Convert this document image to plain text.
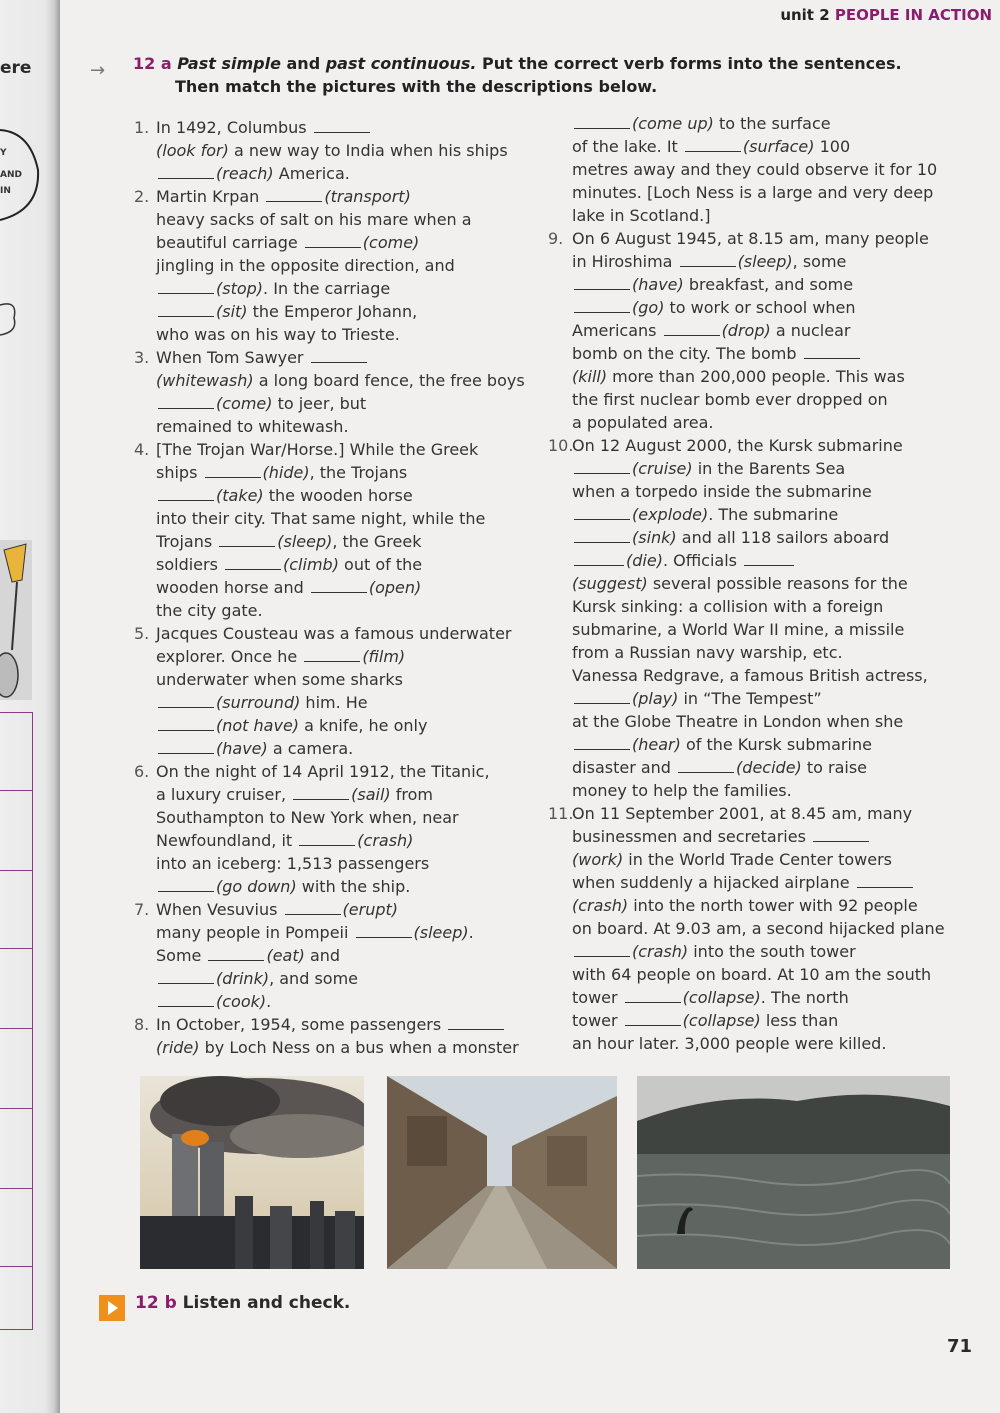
ere
Y
AND
IN
unit 2 PEOPLE IN ACTION
→ 12 a Past simple and past continuous. Put the correct verb forms into the sentences.
Then match the pictures with the descriptions below.
1. In 1492, Columbus
(look for) a new way to India when his ships
(reach) America.
2. Martin Krpan	(transport)
heavy sacks of salt on his mare when a
beautiful carriage	(come)
jingling in the opposite direction, and
(stop). In the carriage
(sit) the Emperor Johann,
who was on his way to Trieste.
3. When Tom Sawyer
(whitewash) a long board fence, the free boys
(come) to jeer, but
remained to whitewash.
4. [The Trojan War/Horse.] While the Greek
ships	(hide), the Trojans
(take) the wooden horse
into their city. That same night, while the
Trojans	(sleep), the Greek
soldiers	(climb) out of the
wooden horse and	(open)
the city gate.
5. Jacques Cousteau was a famous underwater
explorer. Once he	(film)
underwater when some sharks
(surround) him. He
(not have) a knife, he only
(have) a camera.
6. On the night of 14 April 1912, the Titanic,
a luxury cruiser,	(sail) from
Southampton to New York when, near
Newfoundland, it	(crash)
into an iceberg: 1,513 passengers
(go down) with the ship.
7. When Vesuvius	(erupt)
many people in Pompeii	(sleep).
Some	(eat) and
(drink), and some
(cook).
8. In October, 1954, some passengers
(ride) by Loch Ness on a bus when a monster
(come up) to the surface
of the lake. It	(surface) 100
metres away and they could observe it for 10
minutes. [Loch Ness is a large and very deep
lake in Scotland.]
9. On 6 August 1945, at 8.15 am, many people
in Hiroshima	(sleep), some
(have) breakfast, and some
(go) to work or school when
Americans	(drop) a nuclear
bomb on the city. The bomb
(kill) more than 200,000 people. This was
the first nuclear bomb ever dropped on
a populated area.
10.On 12 August 2000, the Kursk submarine
(cruise) in the Barents Sea
when a torpedo inside the submarine
(explode). The submarine
(sink) and all 118 sailors aboard
(die). Officials
(suggest) several possible reasons for the
Kursk sinking: a collision with a foreign
submarine, a World War II mine, a missile
from a Russian navy warship, etc.
Vanessa Redgrave, a famous British actress,
(play) in “The Tempest”
at the Globe Theatre in London when she
(hear) of the Kursk submarine
disaster and	(decide) to raise
money to help the families.
11.On 11 September 2001, at 8.45 am, many
businessmen and secretaries
(work) in the World Trade Center towers
when suddenly a hijacked airplane
(crash) into the north tower with 92 people
on board. At 9.03 am, a second hijacked plane
(crash) into the south tower
with 64 people on board. At 10 am the south
tower	(collapse). The north
tower	(collapse) less than
an hour later. 3,000 people were killed.
12 b Listen and check.
71
